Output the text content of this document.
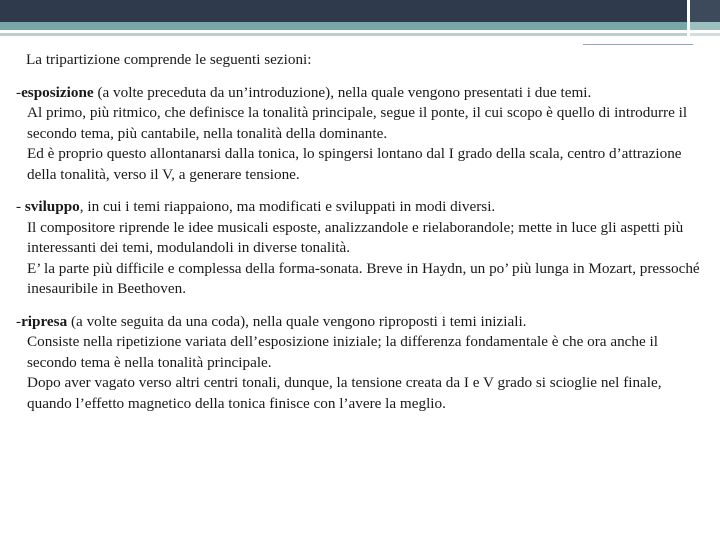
La tripartizione comprende le seguenti sezioni:

-esposizione (a volte preceduta da un’introduzione), nella quale vengono presentati i due temi.

Al primo, più ritmico, che definisce la tonalità principale, segue il ponte, il cui scopo è quello di introdurre il secondo tema, più cantabile, nella tonalità della dominante.

Ed è proprio questo allontanarsi dalla tonica, lo spingersi lontano dal I grado della scala, centro d’attrazione della tonalità, verso il V, a generare tensione.

- sviluppo, in cui i temi riappaiono, ma modificati e sviluppati in modi diversi.

Il compositore riprende le idee musicali esposte, analizzandole e rielaborandole; mette in luce gli aspetti più interessanti dei temi, modulandoli in diverse tonalità.

E’ la parte più difficile e complessa della forma-sonata. Breve in Haydn, un po’ più lunga in Mozart, pressoché inesauribile in Beethoven.

-ripresa (a volte seguita da una coda), nella quale vengono riproposti i temi iniziali.

Consiste nella ripetizione variata dell’esposizione iniziale; la differenza fondamentale è che ora anche il secondo tema è nella tonalità principale.

Dopo aver vagato verso altri centri tonali, dunque, la tensione creata da I e V grado si scioglie nel finale, quando l’effetto magnetico della tonica finisce con l’avere la meglio.
